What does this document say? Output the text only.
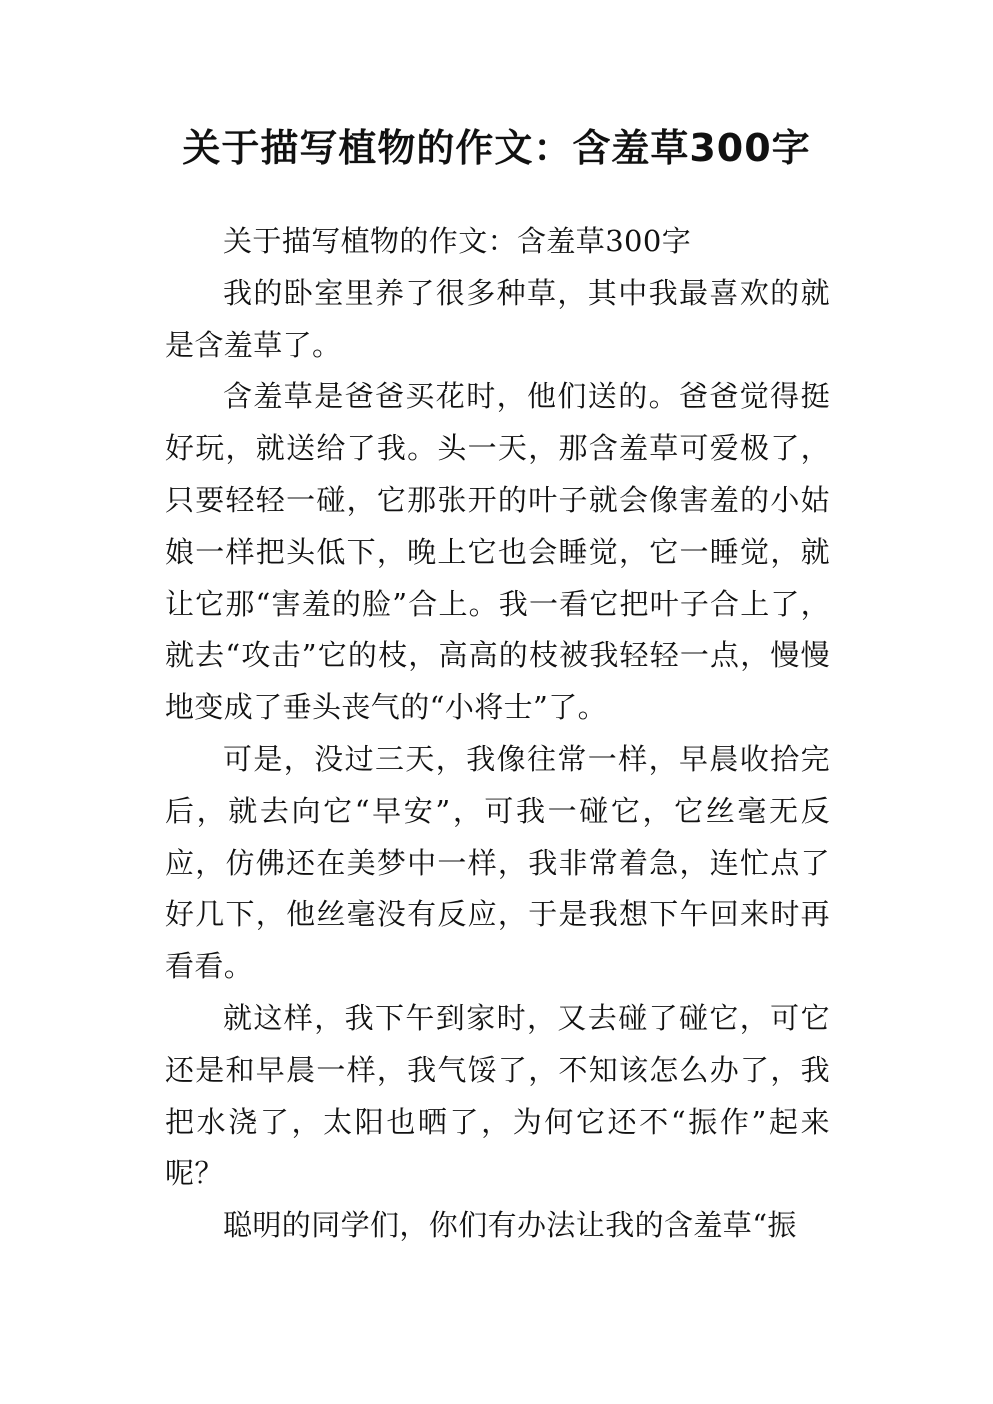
关于描写植物的作文：含羞草300字

关于描写植物的作文：含羞草300字

我的卧室里养了很多种草，其中我最喜欢的就是含羞草了。

含羞草是爸爸买花时，他们送的。爸爸觉得挺好玩，就送给了我。头一天，那含羞草可爱极了，只要轻轻一碰，它那张开的叶子就会像害羞的小姑娘一样把头低下，晚上它也会睡觉，它一睡觉，就让它那“害羞的脸”合上。我一看它把叶子合上了，就去“攻击”它的枝，高高的枝被我轻轻一点，慢慢地变成了垂头丧气的“小将士”了。

可是，没过三天，我像往常一样，早晨收拾完后，就去向它“早安”，可我一碰它，它丝毫无反应，仿佛还在美梦中一样，我非常着急，连忙点了好几下，他丝毫没有反应，于是我想下午回来时再看看。

就这样，我下午到家时，又去碰了碰它，可它还是和早晨一样，我气馁了，不知该怎么办了，我把水浇了，太阳也晒了，为何它还不“振作”起来呢？

聪明的同学们，你们有办法让我的含羞草“振
